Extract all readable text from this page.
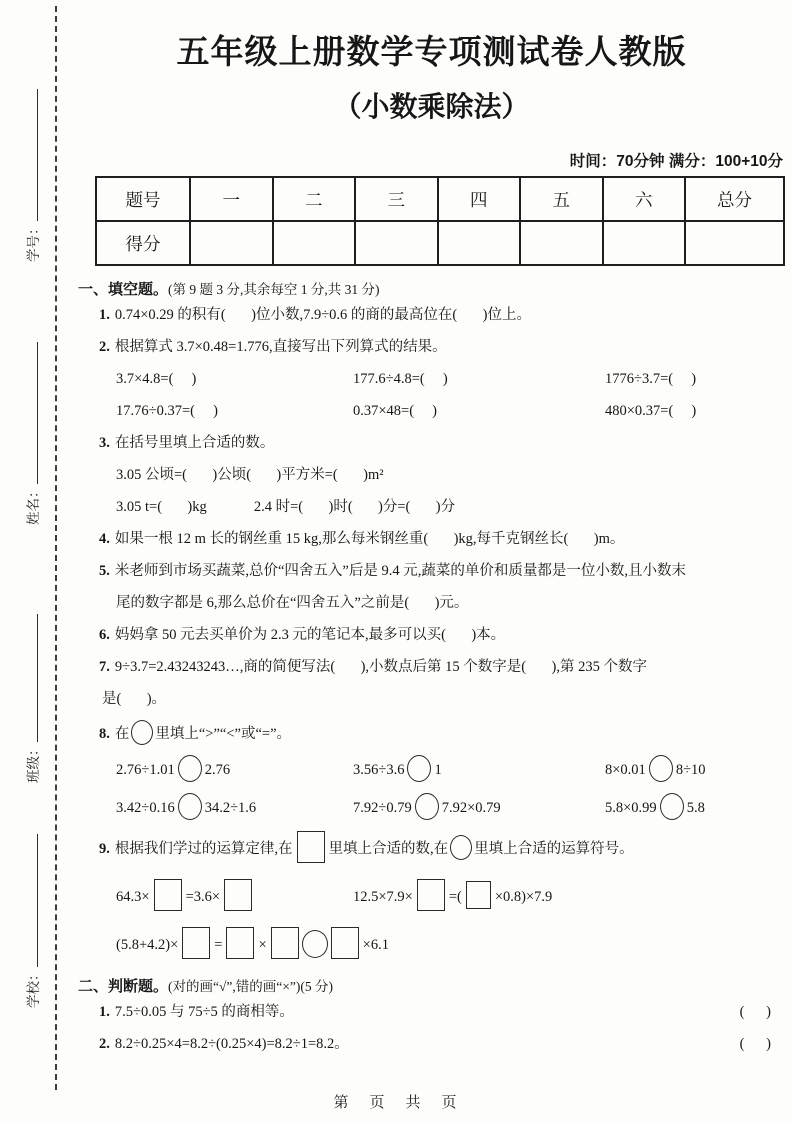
学号：
姓名：
班级：
学校：
五年级上册数学专项测试卷人教版
（小数乘除法）
时间：70分钟 满分：100+10分
题号	一	二	三	四	五	六	总分
得分							
一、填空题。(第 9 题 3 分,其余每空 1 分,共 31 分)
1. 0.74×0.29 的积有(       )位小数,7.9÷0.6 的商的最高位在(       )位上。
2. 根据算式 3.7×0.48=1.776,直接写出下列算式的结果。
3.7×4.8=(     )	177.6÷4.8=(     )	1776÷3.7=(     )
17.76÷0.37=(     )	0.37×48=(     )	480×0.37=(     )
3. 在括号里填上合适的数。
3.05 公顷=(       )公顷(       )平方米=(       )m²
3.05 t=(       )kg             2.4 时=(       )时(       )分=(       )分
4. 如果一根 12 m 长的钢丝重 15 kg,那么每米钢丝重(       )kg,每千克钢丝长(       )m。
5. 米老师到市场买蔬菜,总价“四舍五入”后是 9.4 元,蔬菜的单价和质量都是一位小数,且小数末
尾的数字都是 6,那么总价在“四舍五入”之前是(       )元。
6. 妈妈拿 50 元去买单价为 2.3 元的笔记本,最多可以买(       )本。
7. 9÷3.7=2.43243243…,商的简便写法(       ),小数点后第 15 个数字是(       ),第 235 个数字
是(       )。
8. 在 里填上“>”“<”或“=”。
2.76÷1.01 2.76	3.56÷3.6 1	8×0.01 8÷10
3.42÷0.16 34.2÷1.6	7.92÷0.79 7.92×0.79	5.8×0.99 5.8
9. 根据我们学过的运算定律,在 里填上合适的数,在 里填上合适的运算符号。
64.3× =3.6×	12.5×7.9× =( ×0.8)×7.9
(5.8+4.2)× = ×	×6.1
二、判断题。(对的画“√”,错的画“×”)(5 分)
1. 7.5÷0.05 与 75÷5 的商相等。	(      )
2. 8.2÷0.25×4=8.2÷(0.25×4)=8.2÷1=8.2。	(      )
第　页　共　页
